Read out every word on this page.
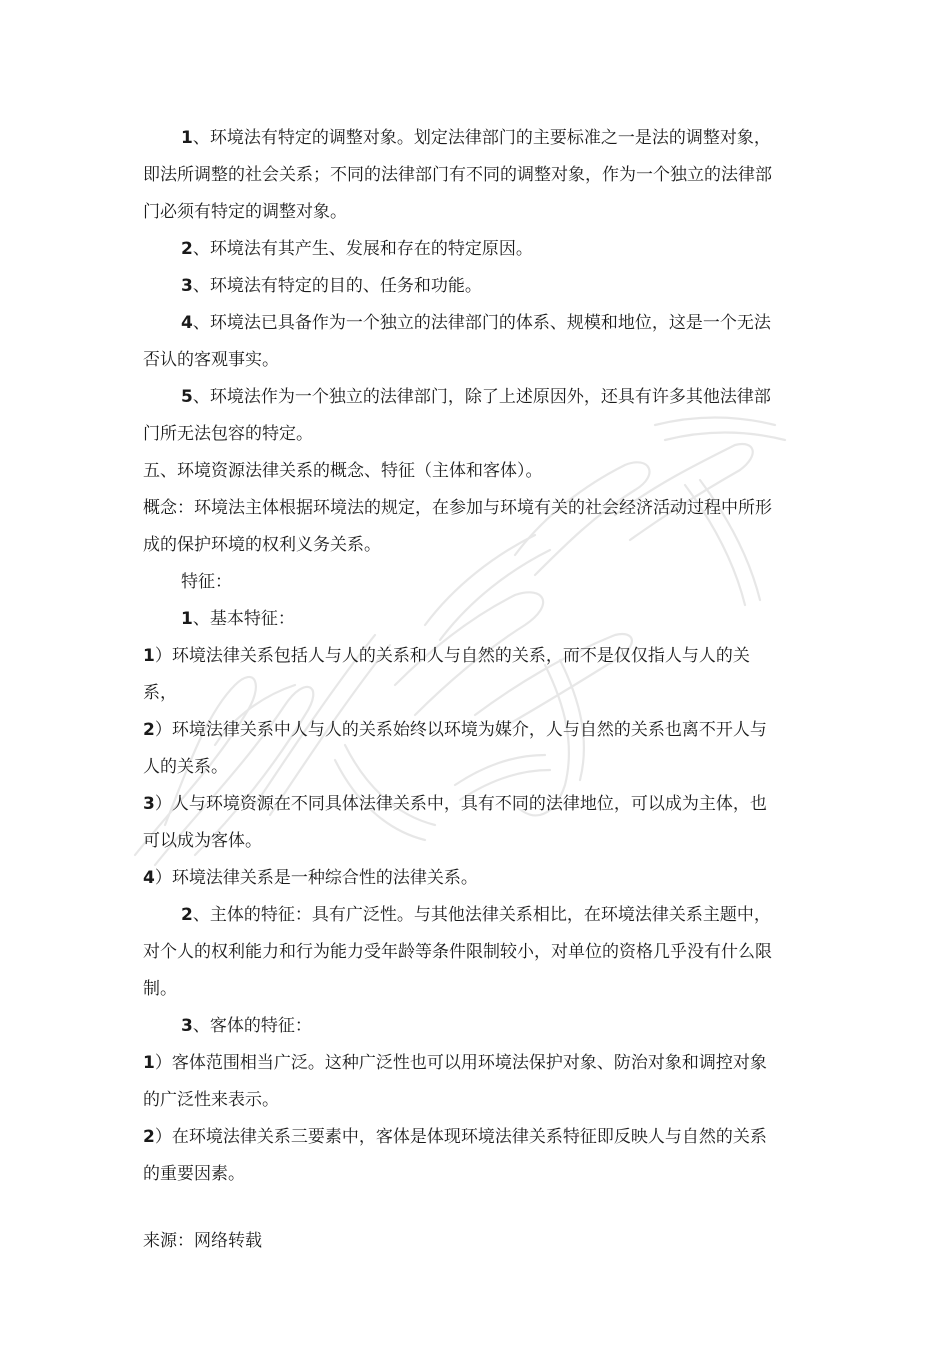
1、环境法有特定的调整对象。划定法律部门的主要标准之一是法的调整对象，即法所调整的社会关系；不同的法律部门有不同的调整对象，作为一个独立的法律部门必须有特定的调整对象。

2、环境法有其产生、发展和存在的特定原因。

3、环境法有特定的目的、任务和功能。

4、环境法已具备作为一个独立的法律部门的体系、规模和地位，这是一个无法否认的客观事实。

5、环境法作为一个独立的法律部门，除了上述原因外，还具有许多其他法律部门所无法包容的特定。

五、环境资源法律关系的概念、特征（主体和客体）。

概念：环境法主体根据环境法的规定，在参加与环境有关的社会经济活动过程中所形成的保护环境的权利义务关系。

特征：

1、基本特征：

1）环境法律关系包括人与人的关系和人与自然的关系，而不是仅仅指人与人的关系，

2）环境法律关系中人与人的关系始终以环境为媒介，人与自然的关系也离不开人与人的关系。

3）人与环境资源在不同具体法律关系中，具有不同的法律地位，可以成为主体，也可以成为客体。

4）环境法律关系是一种综合性的法律关系。

2、主体的特征：具有广泛性。与其他法律关系相比，在环境法律关系主题中，对个人的权利能力和行为能力受年龄等条件限制较小，对单位的资格几乎没有什么限制。

3、客体的特征：

1）客体范围相当广泛。这种广泛性也可以用环境法保护对象、防治对象和调控对象的广泛性来表示。

2）在环境法律关系三要素中，客体是体现环境法律关系特征即反映人与自然的关系的重要因素。

来源：网络转载
